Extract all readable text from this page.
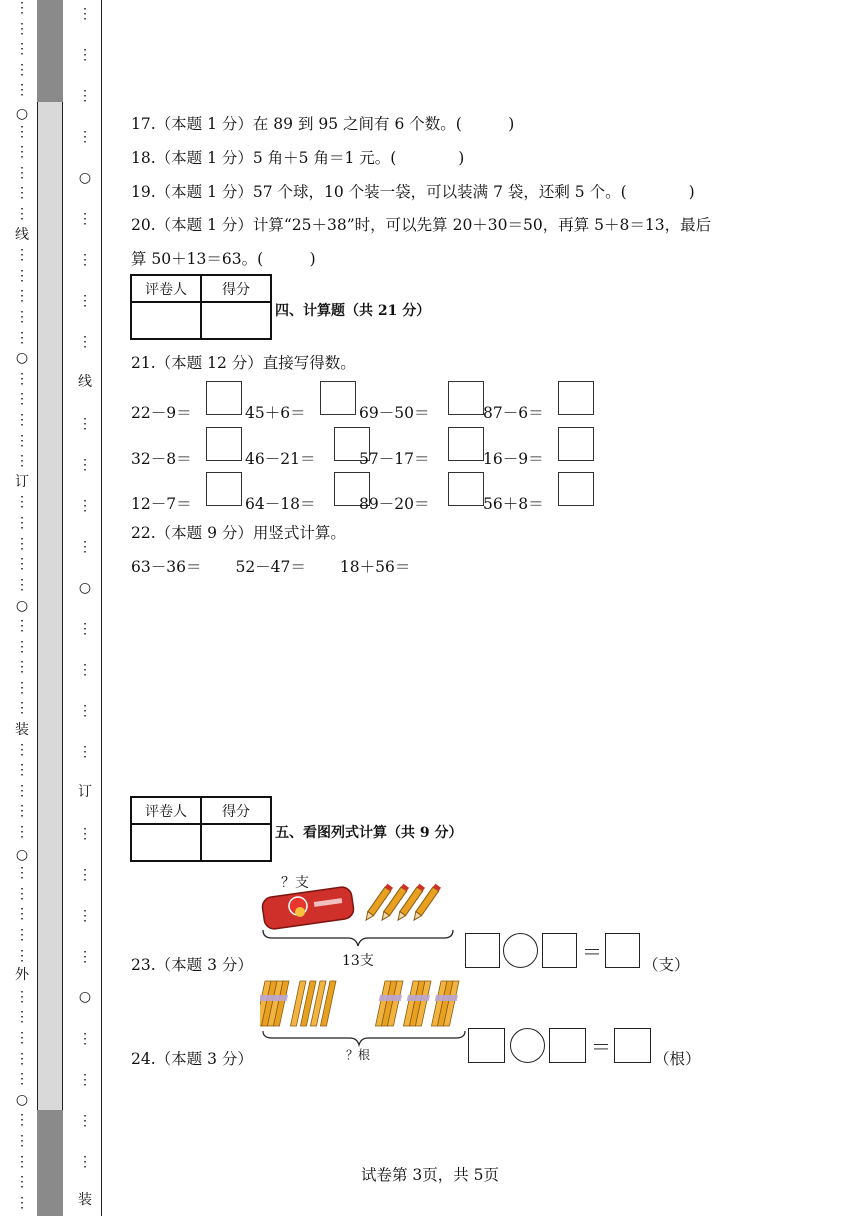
⋮
⋮
⋮
⋮
⋮
○
⋮
⋮
⋮
⋮
⋮
线
⋮
⋮
⋮
⋮
⋮
○
⋮
⋮
⋮
⋮
⋮
订
⋮
⋮
⋮
⋮
⋮
○
⋮
⋮
⋮
⋮
⋮
装
⋮
⋮
⋮
⋮
⋮
○
⋮
⋮
⋮
⋮
⋮
外
⋮
⋮
⋮
⋮
⋮
○
⋮
⋮
⋮
⋮
⋮
⋮
⋮
⋮
⋮
○
⋮
⋮
⋮
⋮
线
⋮
⋮
⋮
⋮
○
⋮
⋮
⋮
⋮
订
⋮
⋮
⋮
⋮
○
⋮
⋮
⋮
⋮
装
17.（本题 1 分）在 89 到 95 之间有 6 个数。(　　　)
18.（本题 1 分）5 角＋5 角＝1 元。(　　　　)
19.（本题 1 分）57 个球，10 个装一袋，可以装满 7 袋，还剩 5 个。(　　　　)
20.（本题 1 分）计算“25＋38”时，可以先算 20＋30＝50，再算 5＋8＝13，最后
算 50＋13＝63。(　　　)
评卷人	得分

四、计算题（共 21 分）
21.（本题 12 分）直接写得数。
22－9＝	45＋6＝	69－50＝	87－6＝
32－8＝	46－21＝	57－17＝	16－9＝
12－7＝	64－18＝	89－20＝	56＋8＝
22.（本题 9 分）用竖式计算。
63－36＝ 52－47＝ 18＋56＝
评卷人	得分

五、看图列式计算（共 9 分）
？支
13支
23.（本题 3 分）
＝
（支）
？根
24.（本题 3 分）	＝	（根）
试卷第 3页，共 5页
